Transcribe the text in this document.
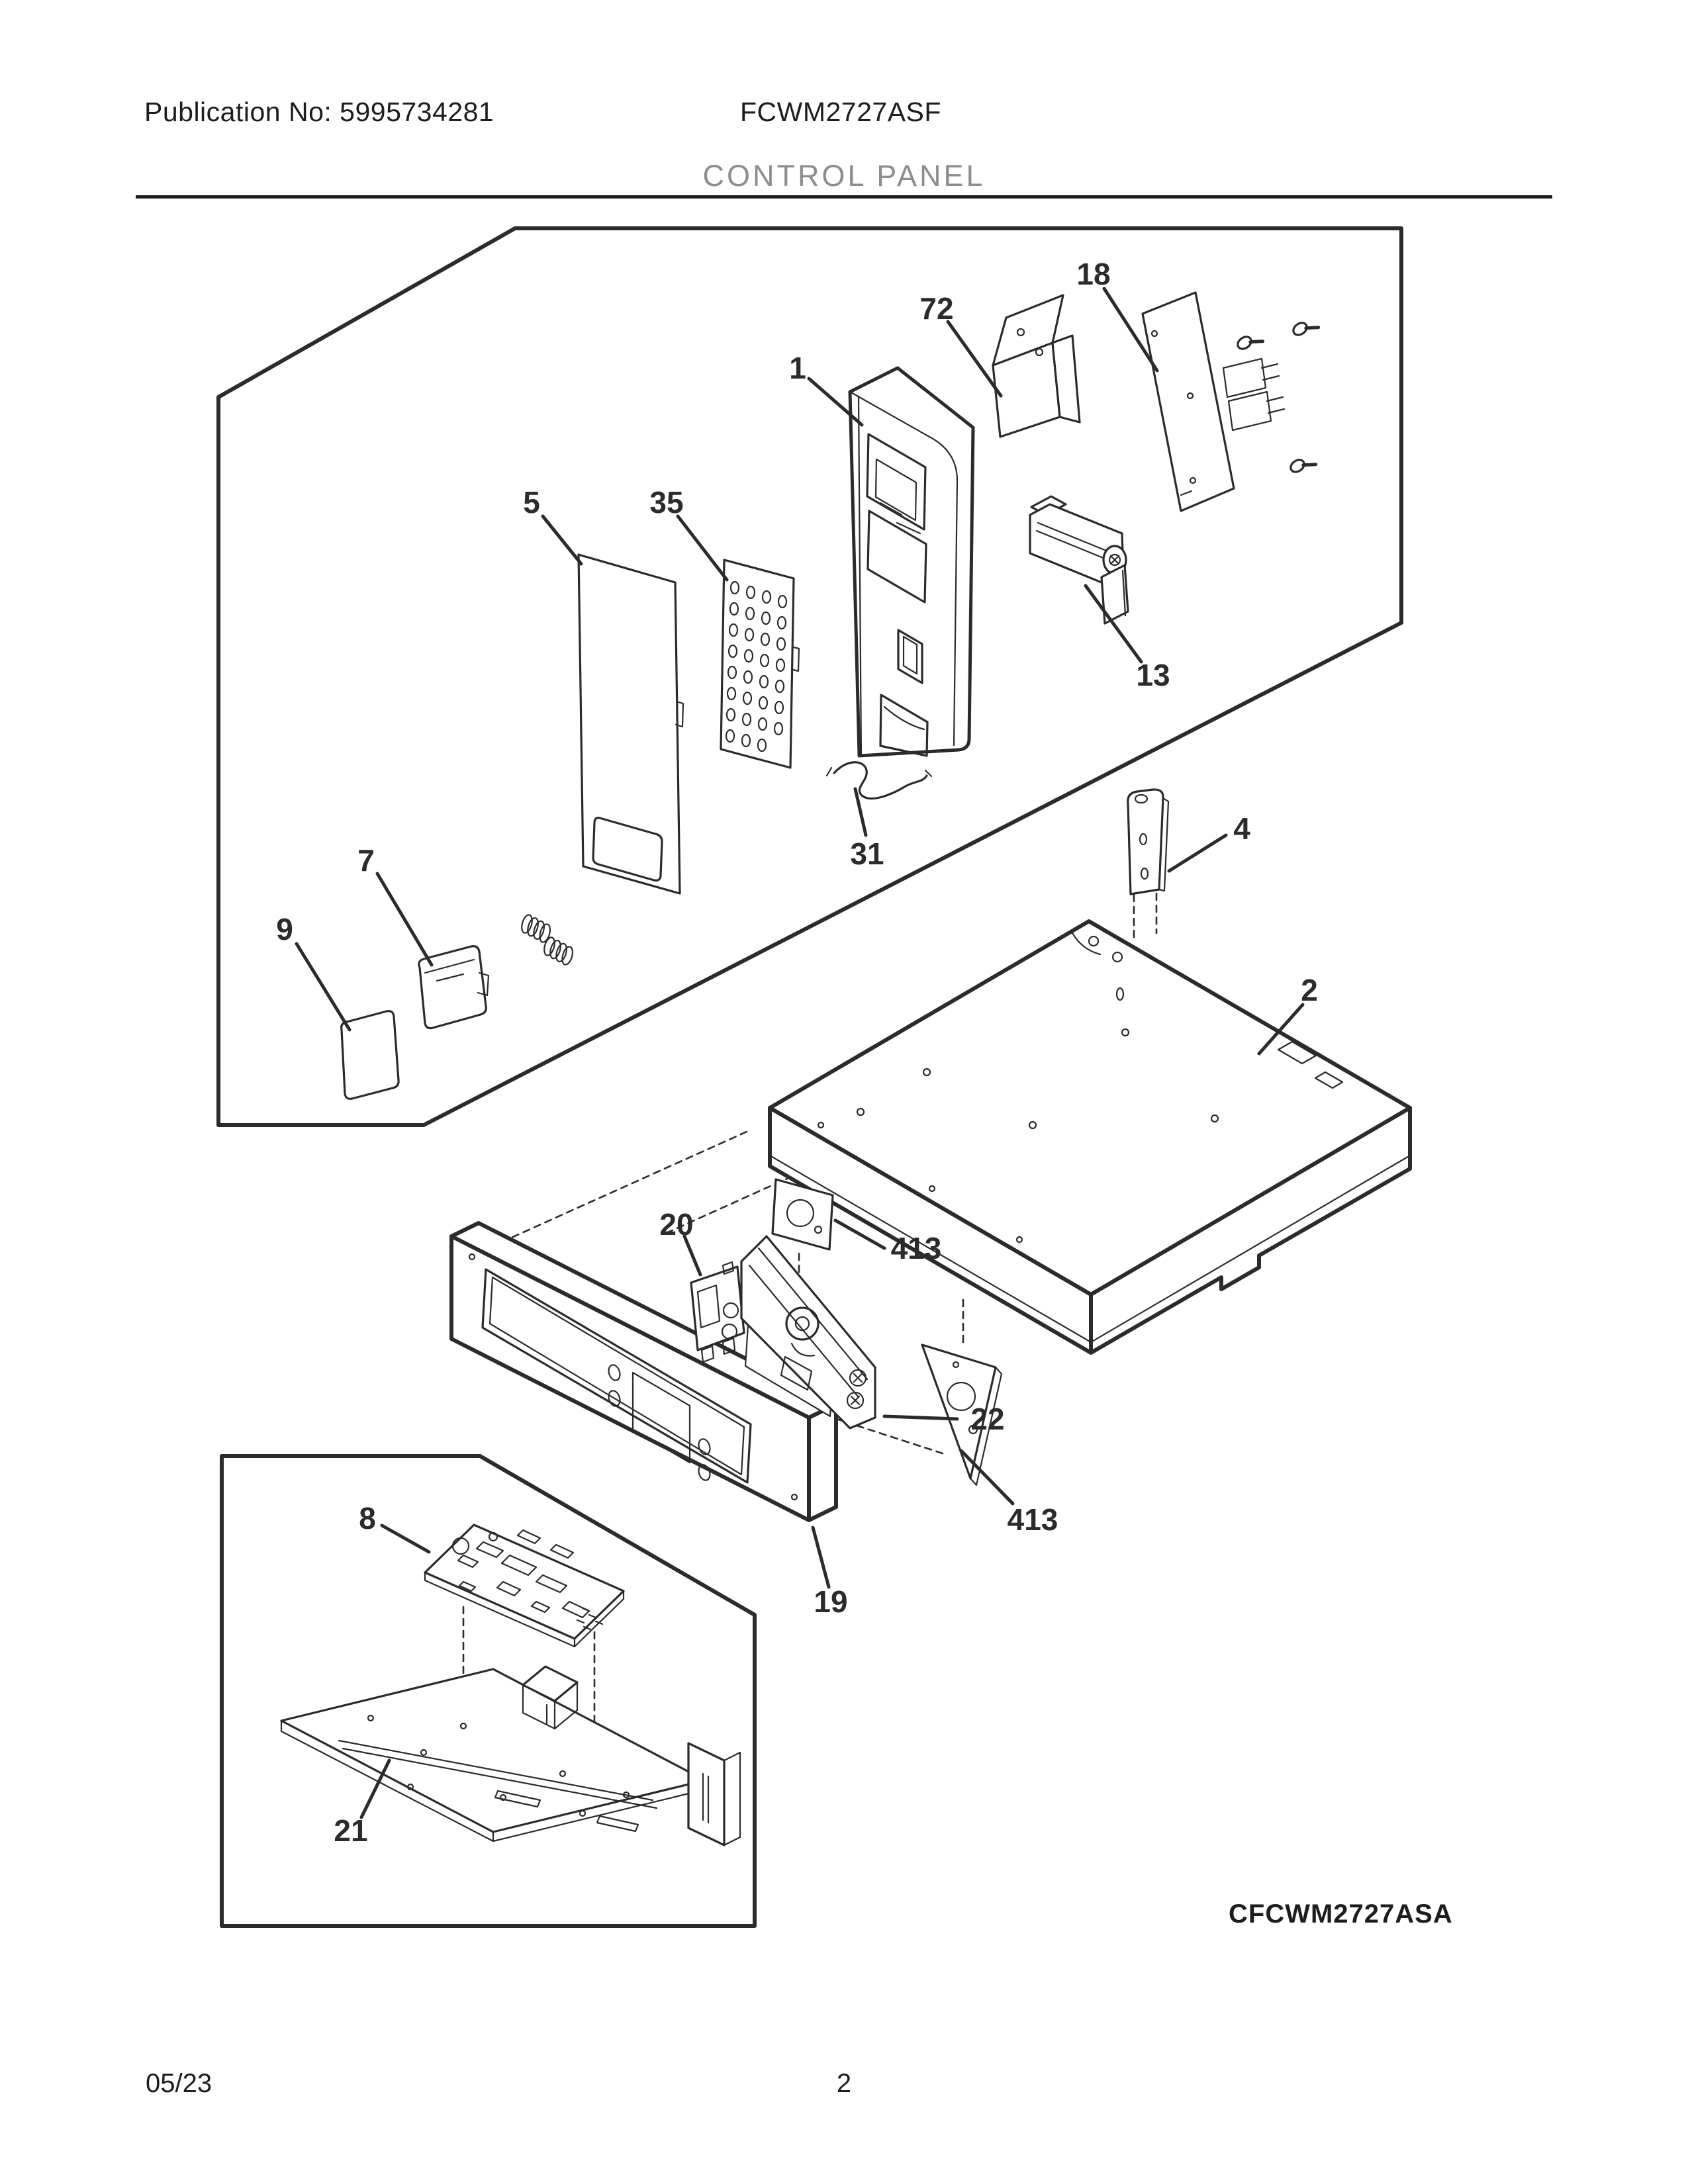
Publication No: 5995734281	FCWM2727ASF
CONTROL PANEL
1
72
18
5	35
13
31
7
9
4
2
413
20
22
19
413
8
21
CFCWM2727ASA
05/23	2
